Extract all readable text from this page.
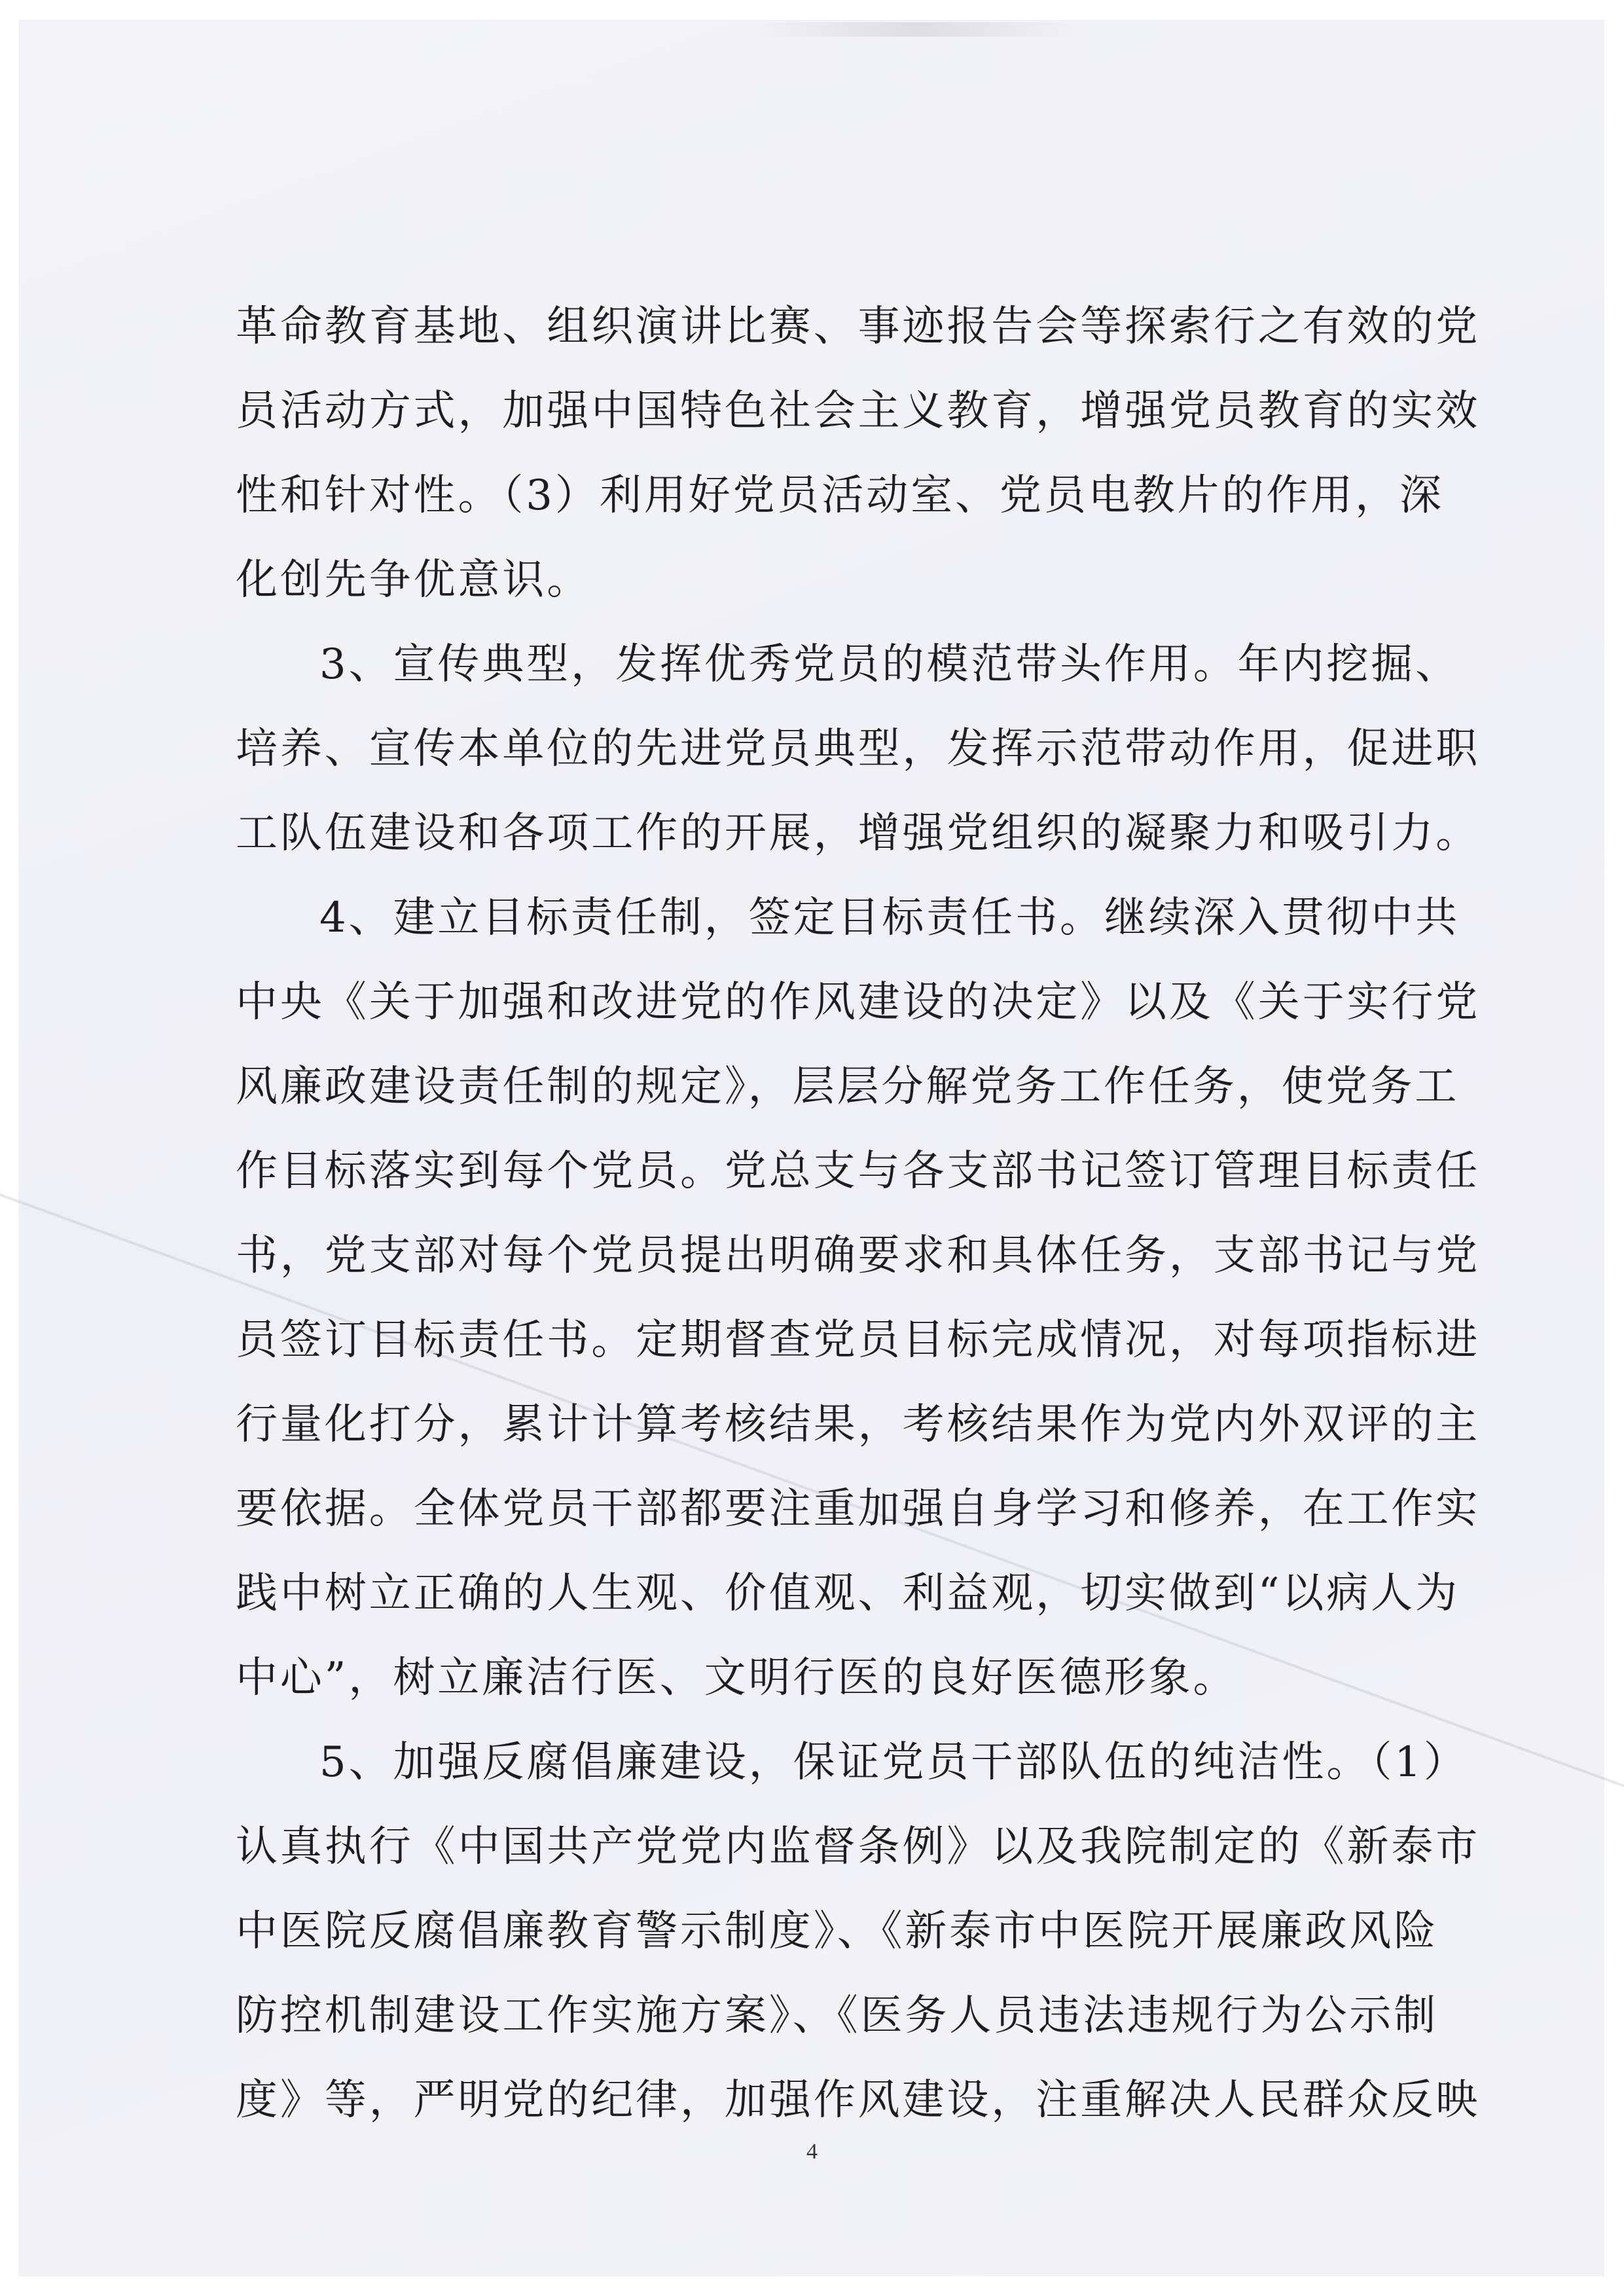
革命教育基地、组织演讲比赛、事迹报告会等探索行之有效的党
员活动方式，加强中国特色社会主义教育，增强党员教育的实效
性和针对性。（3）利用好党员活动室、党员电教片的作用，深
化创先争优意识。
3、宣传典型，发挥优秀党员的模范带头作用。年内挖掘、
培养、宣传本单位的先进党员典型，发挥示范带动作用，促进职
工队伍建设和各项工作的开展，增强党组织的凝聚力和吸引力。
4、建立目标责任制，签定目标责任书。继续深入贯彻中共
中央《关于加强和改进党的作风建设的决定》以及《关于实行党
风廉政建设责任制的规定》，层层分解党务工作任务，使党务工
作目标落实到每个党员。党总支与各支部书记签订管理目标责任
书，党支部对每个党员提出明确要求和具体任务，支部书记与党
员签订目标责任书。定期督查党员目标完成情况，对每项指标进
行量化打分，累计计算考核结果，考核结果作为党内外双评的主
要依据。全体党员干部都要注重加强自身学习和修养，在工作实
践中树立正确的人生观、价值观、利益观，切实做到“以病人为
中心”，树立廉洁行医、文明行医的良好医德形象。
5、加强反腐倡廉建设，保证党员干部队伍的纯洁性。（1）
认真执行《中国共产党党内监督条例》以及我院制定的《新泰市
中医院反腐倡廉教育警示制度》、《新泰市中医院开展廉政风险
防控机制建设工作实施方案》、《医务人员违法违规行为公示制
度》等，严明党的纪律，加强作风建设，注重解决人民群众反映
4
